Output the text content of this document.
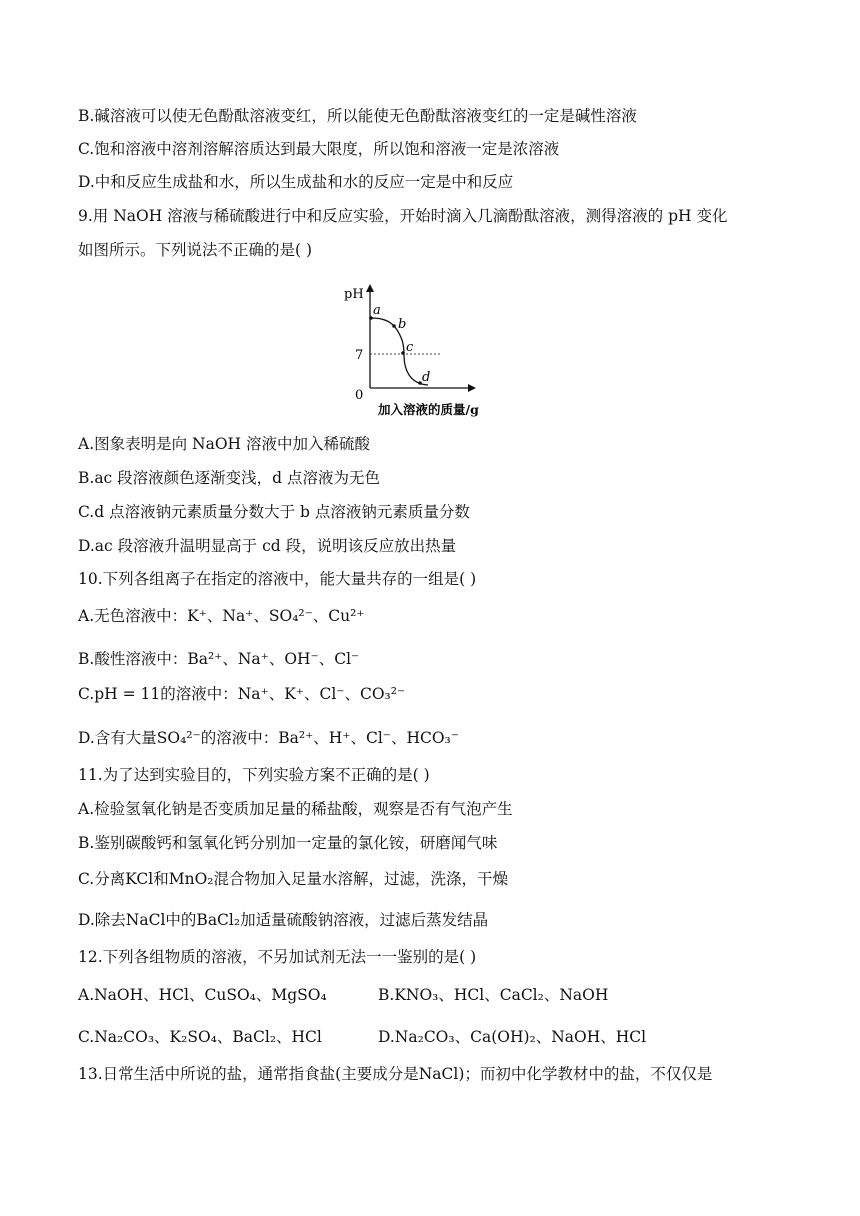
B.碱溶液可以使无色酚酞溶液变红，所以能使无色酚酞溶液变红的一定是碱性溶液
C.饱和溶液中溶剂溶解溶质达到最大限度，所以饱和溶液一定是浓溶液
D.中和反应生成盐和水，所以生成盐和水的反应一定是中和反应
9.用 NaOH 溶液与稀硫酸进行中和反应实验，开始时滴入几滴酚酞溶液，测得溶液的 pH 变化
如图所示。下列说法不正确的是( )
pH
7
0
a
b
c
d
加入溶液的质量/g
A.图象表明是向 NaOH 溶液中加入稀硫酸
B.ac 段溶液颜色逐渐变浅，d 点溶液为无色
C.d 点溶液钠元素质量分数大于 b 点溶液钠元素质量分数
D.ac 段溶液升温明显高于 cd 段，说明该反应放出热量
10.下列各组离子在指定的溶液中，能大量共存的一组是( )
A.无色溶液中：K⁺、Na⁺、SO₄²⁻、Cu²⁺
B.酸性溶液中：Ba²⁺、Na⁺、OH⁻、Cl⁻
C.pH = 11的溶液中：Na⁺、K⁺、Cl⁻、CO₃²⁻
D.含有大量SO₄²⁻的溶液中：Ba²⁺、H⁺、Cl⁻、HCO₃⁻
11.为了达到实验目的，下列实验方案不正确的是( )
A.检验氢氧化钠是否变质加足量的稀盐酸，观察是否有气泡产生
B.鉴别碳酸钙和氢氧化钙分别加一定量的氯化铵，研磨闻气味
C.分离KCl和MnO₂混合物加入足量水溶解，过滤，洗涤，干燥
D.除去NaCl中的BaCl₂加适量硫酸钠溶液，过滤后蒸发结晶
12.下列各组物质的溶液，不另加试剂无法一一鉴别的是( )
A.NaOH、HCl、CuSO₄、MgSO₄	B.KNO₃、HCl、CaCl₂、NaOH
C.Na₂CO₃、K₂SO₄、BaCl₂、HCl	D.Na₂CO₃、Ca(OH)₂、NaOH、HCl
13.日常生活中所说的盐，通常指食盐(主要成分是NaCl)；而初中化学教材中的盐，不仅仅是
